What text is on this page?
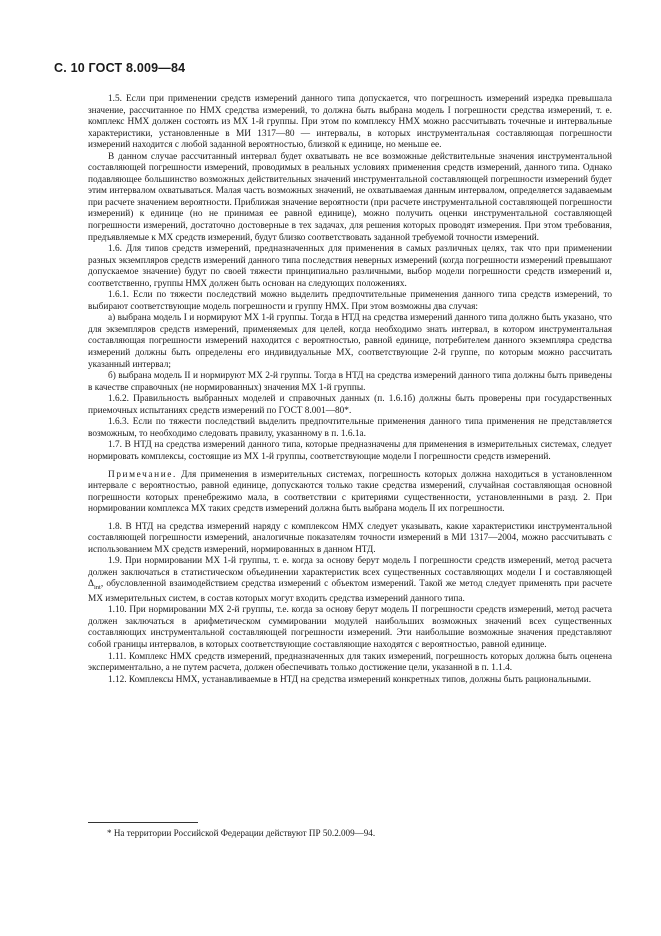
С. 10 ГОСТ 8.009—84

1.5. Если при применении средств измерений данного типа допускается, что погрешность измерений изредка превышала значение, рассчитанное по НМХ средства измерений, то должна быть выбрана модель I погрешности средства измерений, т. е. комплекс НМХ должен состоять из МХ 1-й группы. При этом по комплексу НМХ можно рассчитывать точечные и интервальные характеристики, установленные в МИ 1317—80 — интервалы, в которых инструментальная составляющая погрешности измерений находится с любой заданной вероятностью, близкой к единице, но меньше ее.

В данном случае рассчитанный интервал будет охватывать не все возможные действительные значения инструментальной составляющей погрешности измерений, проводимых в реальных условиях применения средств измерений, данного типа. Однако подавляющее большинство возможных действительных значений инструментальной составляющей погрешности измерений будет этим интервалом охватываться. Малая часть возможных значений, не охватываемая данным интервалом, определяется задаваемым при расчете значением вероятности. Приближая значение вероятности (при расчете инструментальной составляющей погрешности измерений) к единице (но не принимая ее равной единице), можно получить оценки инструментальной составляющей погрешности измерений, достаточно достоверные в тех задачах, для решения которых проводят измерения. При этом требования, предъявляемые к МХ средств измерений, будут близко соответствовать заданной требуемой точности измерений.

1.6. Для типов средств измерений, предназначенных для применения в самых различных целях, так что при применении разных экземпляров средств измерений данного типа последствия неверных измерений (когда погрешности измерений превышают допускаемое значение) будут по своей тяжести принципиально различными, выбор модели погрешности средств измерений и, соответственно, группы НМХ должен быть основан на следующих положениях.

1.6.1. Если по тяжести последствий можно выделить предпочтительные применения данного типа средств измерений, то выбирают соответствующие модель погрешности и группу НМХ. При этом возможны два случая:

а) выбрана модель I и нормируют МХ 1-й группы. Тогда в НТД на средства измерений данного типа должно быть указано, что для экземпляров средств измерений, применяемых для целей, когда необходимо знать интервал, в котором инструментальная составляющая погрешности измерений находится с вероятностью, равной единице, потребителем данного экземпляра средства измерений должны быть определены его индивидуальные МХ, соответствующие 2-й группе, по которым можно рассчитать указанный интервал;

б) выбрана модель II и нормируют МХ 2-й группы. Тогда в НТД на средства измерений данного типа должны быть приведены в качестве справочных (не нормированных) значения МХ 1-й группы.

1.6.2. Правильность выбранных моделей и справочных данных (п. 1.6.1б) должны быть проверены при государственных приемочных испытаниях средств измерений по ГОСТ 8.001—80*.

1.6.3. Если по тяжести последствий выделить предпочтительные применения данного типа применения не представляется возможным, то необходимо следовать правилу, указанному в п. 1.6.1а.

1.7. В НТД на средства измерений данного типа, которые предназначены для применения в измерительных системах, следует нормировать комплексы, состоящие из МХ 1-й группы, соответствующие модели I погрешности средств измерений.

Примечание. Для применения в измерительных системах, погрешность которых должна находиться в установленном интервале с вероятностью, равной единице, допускаются только такие средства измерений, случайная составляющая основной погрешности которых пренебрежимо мала, в соответствии с критериями существенности, установленными в разд. 2. При нормировании комплекса МХ таких средств измерений должна быть выбрана модель II их погрешности.

1.8. В НТД на средства измерений наряду с комплексом НМХ следует указывать, какие характеристики инструментальной составляющей погрешности измерений, аналогичные показателям точности измерений в МИ 1317—2004, можно рассчитывать с использованием МХ средств измерений, нормированных в данном НТД.

1.9. При нормировании МХ 1-й группы, т. е. когда за основу берут модель I погрешности средств измерений, метод расчета должен заключаться в статистическом объединении характеристик всех существенных составляющих модели I и составляющей $\Delta_{int}$, обусловленной взаимодействием средства измерений с объектом измерений. Такой же метод следует применять при расчете МХ измерительных систем, в состав которых могут входить средства измерений данного типа.

1.10. При нормировании МХ 2-й группы, т.е. когда за основу берут модель II погрешности средств измерений, метод расчета должен заключаться в арифметическом суммировании модулей наибольших возможных значений всех существенных составляющих инструментальной составляющей погрешности измерений. Эти наибольшие возможные значения представляют собой границы интервалов, в которых соответствующие составляющие находятся с вероятностью, равной единице.

1.11. Комплекс НМХ средств измерений, предназначенных для таких измерений, погрешность которых должна быть оценена экспериментально, а не путем расчета, должен обеспечивать только достижение цели, указанной в п. 1.1.4.

1.12. Комплексы НМХ, устанавливаемые в НТД на средства измерений конкретных типов, должны быть рациональными.

* На территории Российской Федерации действуют ПР 50.2.009—94.
